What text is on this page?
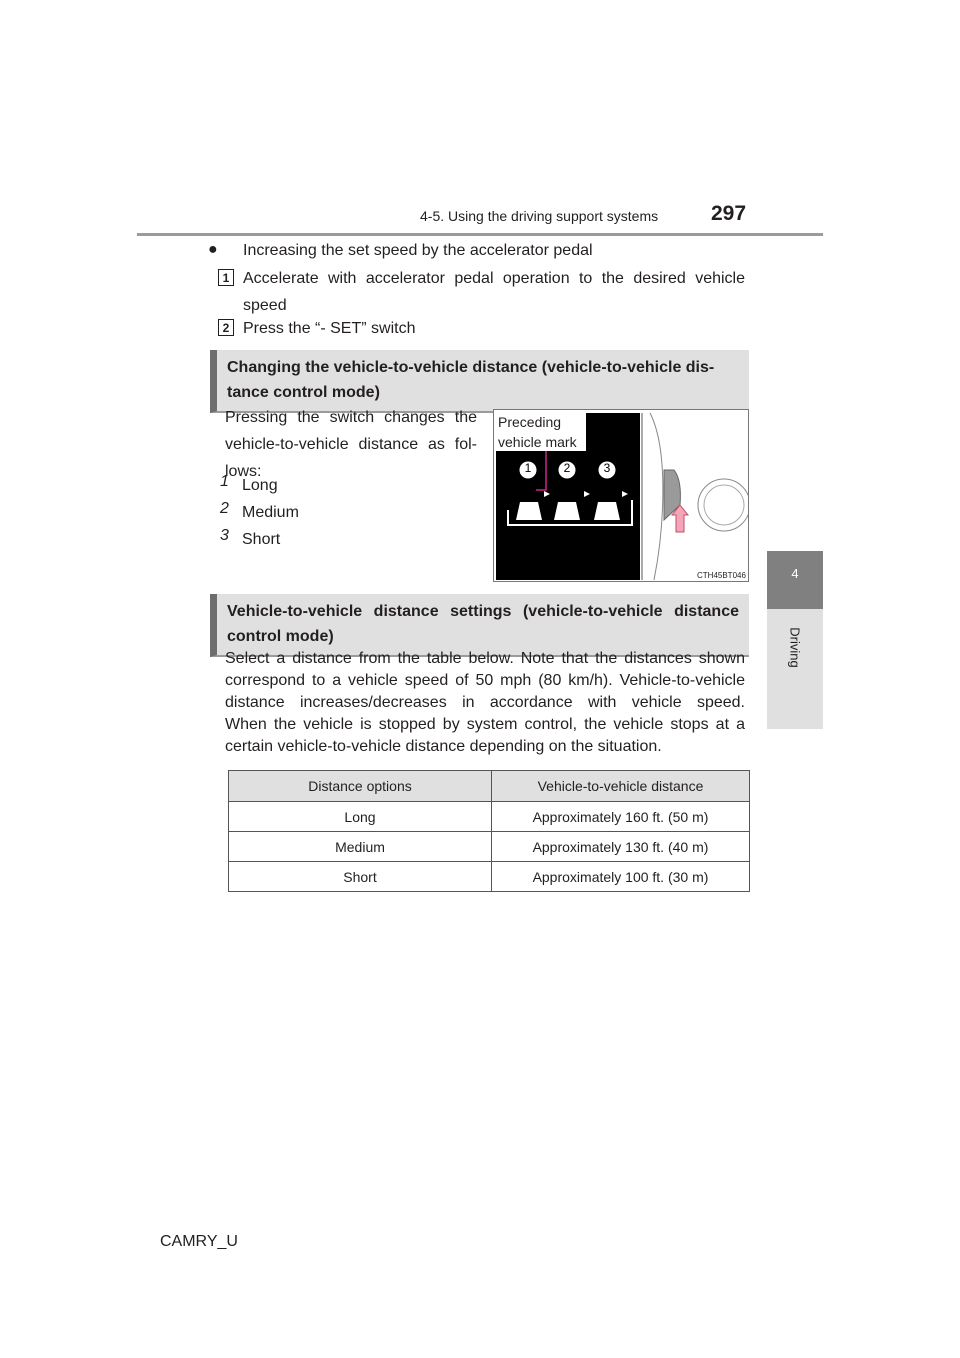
4-5. Using the driving support systems	297
4
Driving
● Increasing the set speed by the accelerator pedal
1 Accelerate with accelerator pedal operation to the desired vehicle speed
2 Press the “- SET” switch
Changing the vehicle-to-vehicle distance (vehicle-to-vehicle dis-
tance control mode)
Pressing the switch changes the
vehicle-to-vehicle distance as fol-
lows:
1 Long
2 Medium
3 Short
Preceding
vehicle mark
1	2	3
CTH45BT046
Vehicle-to-vehicle distance settings (vehicle-to-vehicle distance
control mode)
Select a distance from the table below. Note that the distances shown
correspond to a vehicle speed of 50 mph (80 km/h). Vehicle-to-vehicle
distance increases/decreases in accordance with vehicle speed.
When the vehicle is stopped by system control, the vehicle stops at a
certain vehicle-to-vehicle distance depending on the situation.
Distance options	Vehicle-to-vehicle distance
Long	Approximately 160 ft. (50 m)
Medium	Approximately 130 ft. (40 m)
Short	Approximately 100 ft. (30 m)
CAMRY_U
